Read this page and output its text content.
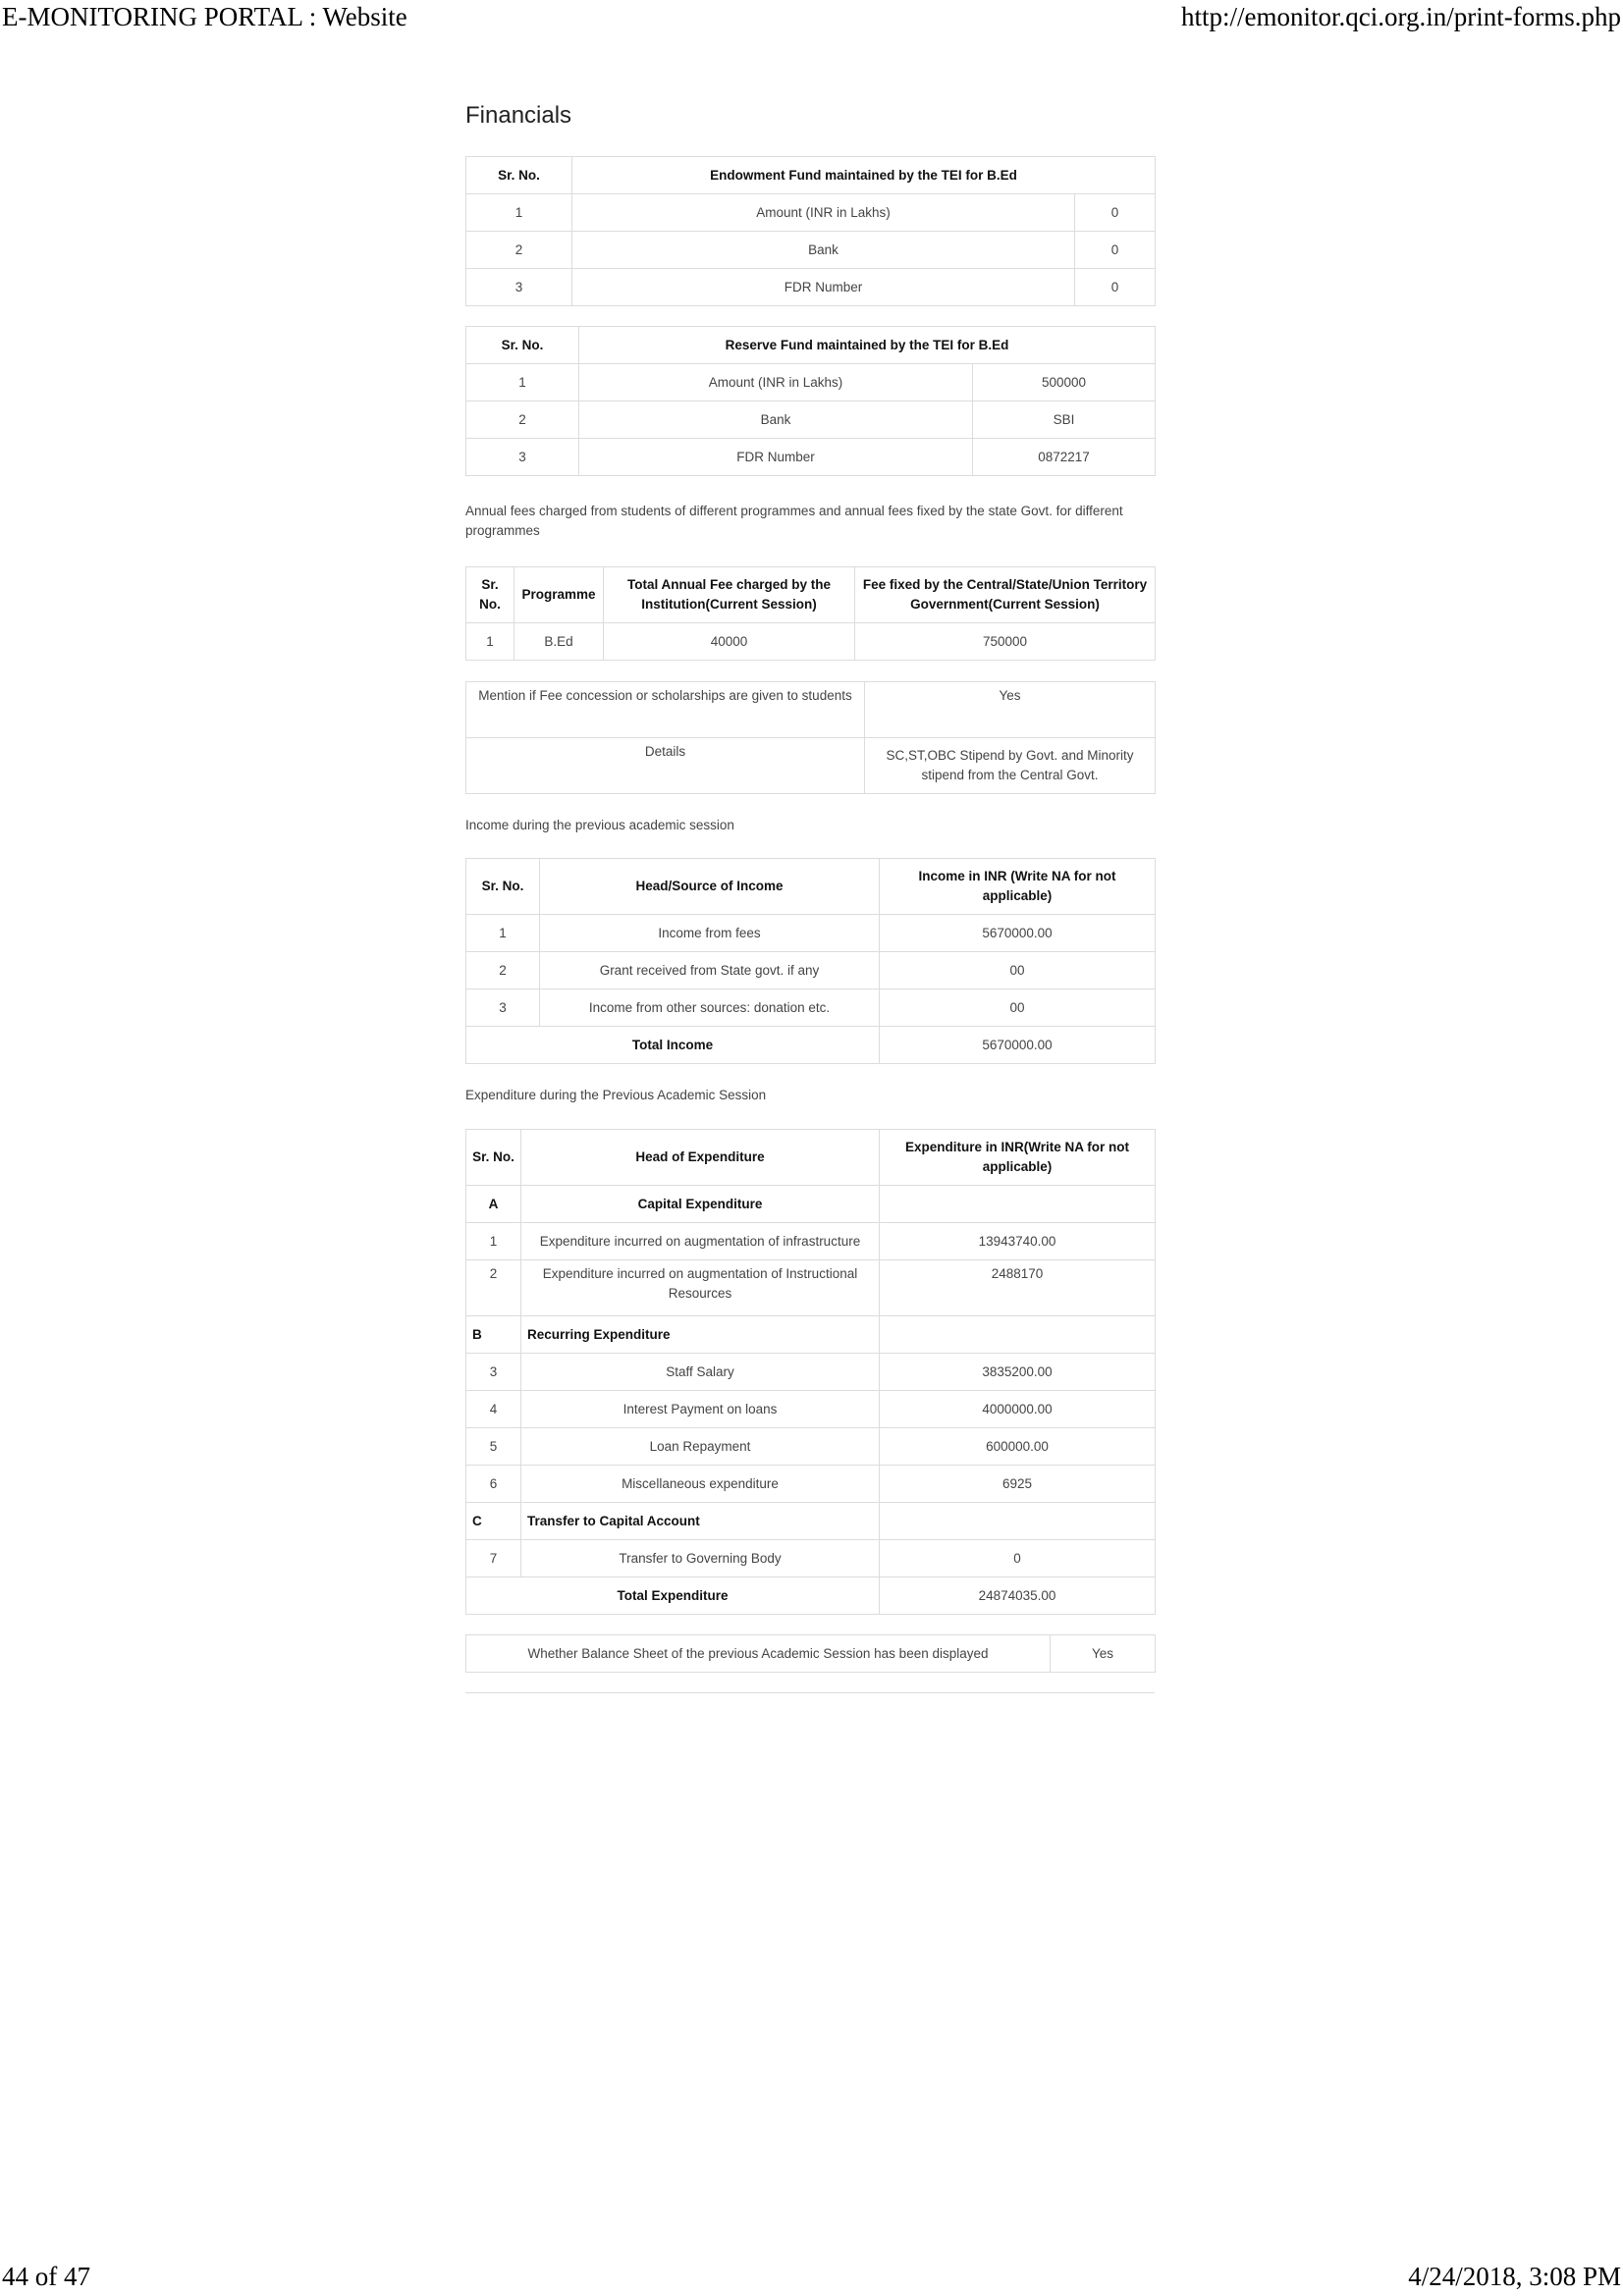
E-MONITORING PORTAL : Website	http://emonitor.qci.org.in/print-forms.php
Financials
Sr. No.	Endowment Fund maintained by the TEI for B.Ed	
1	Amount (INR in Lakhs)	0
2	Bank	0
3	FDR Number	0
Sr. No.	Reserve Fund maintained by the TEI for B.Ed	
1	Amount (INR in Lakhs)	500000
2	Bank	SBI
3	FDR Number	0872217

Annual fees charged from students of different programmes and annual fees fixed by the state Govt. for different programmes

Sr. No.	Programme	Total Annual Fee charged by the Institution(Current Session)	Fee fixed by the Central/State/Union Territory Government(Current Session)
1	B.Ed	40000	750000
Mention if Fee concession or scholarships are given to students	Yes
Details	SC,ST,OBC Stipend by Govt. and Minority stipend from the Central Govt.

Income during the previous academic session

Sr. No.	Head/Source of Income	Income in INR (Write NA for not applicable)
1	Income from fees	5670000.00
2	Grant received from State govt. if any	00
3	Income from other sources: donation etc.	00
Total Income		5670000.00

Expenditure during the Previous Academic Session

Sr. No.	Head of Expenditure	Expenditure in INR(Write NA for not applicable)
A	Capital Expenditure	
1	Expenditure incurred on augmentation of infrastructure	13943740.00
2	Expenditure incurred on augmentation of Instructional Resources	2488170
B	Recurring Expenditure	
3	Staff Salary	3835200.00
4	Interest Payment on loans	4000000.00
5	Loan Repayment	600000.00
6	Miscellaneous expenditure	6925
C	Transfer to Capital Account	
7	Transfer to Governing Body	0
Total Expenditure		24874035.00
Whether Balance Sheet of the previous Academic Session has been displayed	Yes
44 of 47	4/24/2018, 3:08 PM
